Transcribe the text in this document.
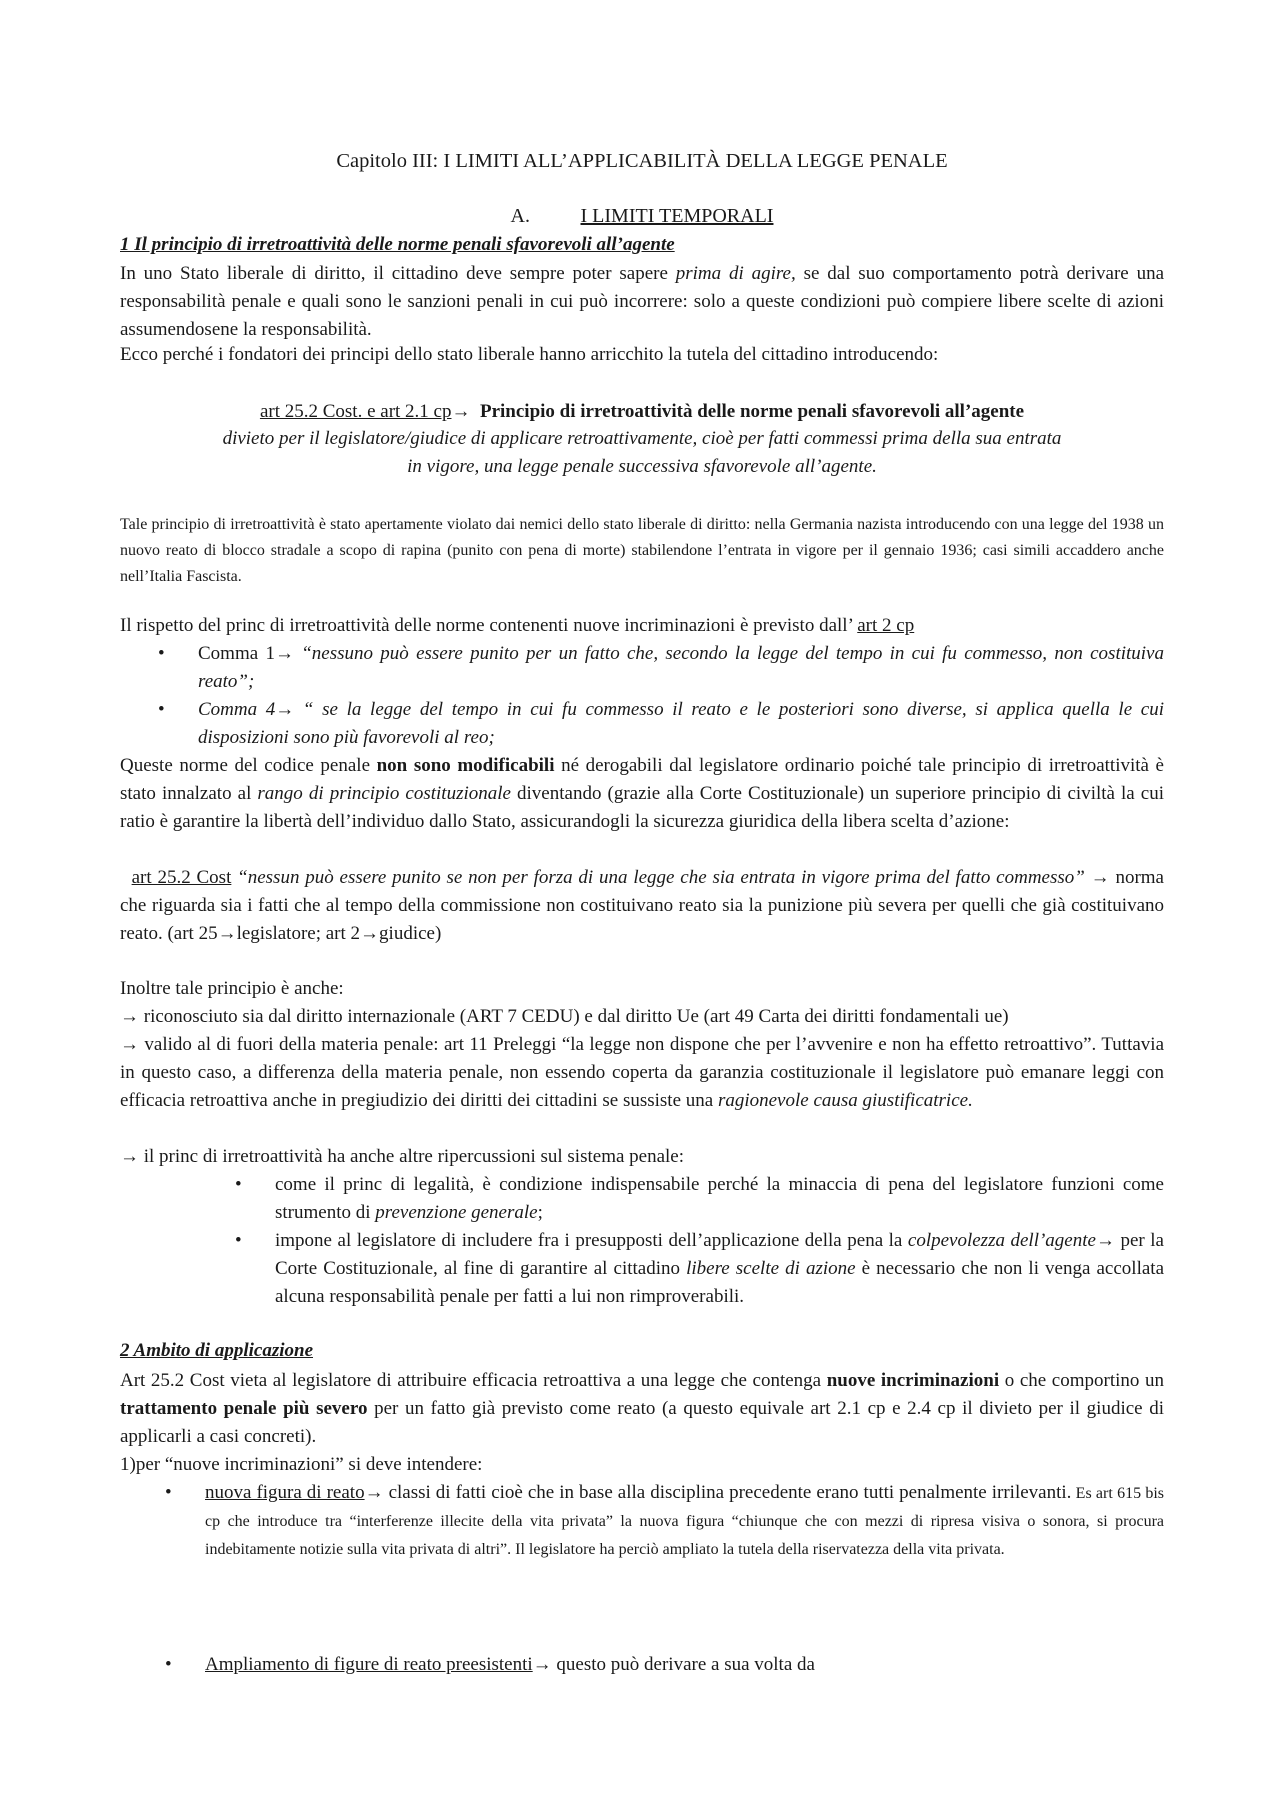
Capitolo III: I LIMITI ALL’APPLICABILITÀ DELLA LEGGE PENALE
A.	I LIMITI TEMPORALI
1 Il principio di irretroattività delle norme penali sfavorevoli all’agente

In uno Stato liberale di diritto, il cittadino deve sempre poter sapere prima di agire, se dal suo comportamento potrà derivare una responsabilità penale e quali sono le sanzioni penali in cui può incorrere: solo a queste condizioni può compiere libere scelte di azioni assumendosene la responsabilità.

Ecco perché i fondatori dei principi dello stato liberale hanno arricchito la tutela del cittadino introducendo:

art 25.2 Cost. e art 2.1 cp→ Principio di irretroattività delle norme penali sfavorevoli all’agente
divieto per il legislatore/giudice di applicare retroattivamente, cioè per fatti commessi prima della sua entrata
in vigore, una legge penale successiva sfavorevole all’agente.

Tale principio di irretroattività è stato apertamente violato dai nemici dello stato liberale di diritto: nella Germania nazista introducendo con una legge del 1938 un nuovo reato di blocco stradale a scopo di rapina (punito con pena di morte) stabilendone l’entrata in vigore per il gennaio 1936; casi simili accaddero anche nell’Italia Fascista.

Il rispetto del princ di irretroattività delle norme contenenti nuove incriminazioni è previsto dall’ art 2 cp

• Comma 1→ “nessuno può essere punito per un fatto che, secondo la legge del tempo in cui fu commesso, non costituiva reato”;
• Comma 4→ “ se la legge del tempo in cui fu commesso il reato e le posteriori sono diverse, si applica quella le cui disposizioni sono più favorevoli al reo;

Queste norme del codice penale non sono modificabili né derogabili dal legislatore ordinario poiché tale principio di irretroattività è stato innalzato al rango di principio costituzionale diventando (grazie alla Corte Costituzionale) un superiore principio di civiltà la cui ratio è garantire la libertà dell’individuo dallo Stato, assicurandogli la sicurezza giuridica della libera scelta d’azione:

art 25.2 Cost “nessun può essere punito se non per forza di una legge che sia entrata in vigore prima del fatto commesso” → norma che riguarda sia i fatti che al tempo della commissione non costituivano reato sia la punizione più severa per quelli che già costituivano reato. (art 25→legislatore; art 2→giudice)

Inoltre tale principio è anche:

→ riconosciuto sia dal diritto internazionale (ART 7 CEDU) e dal diritto Ue (art 49 Carta dei diritti fondamentali ue)

→ valido al di fuori della materia penale: art 11 Preleggi “la legge non dispone che per l’avvenire e non ha effetto retroattivo”. Tuttavia in questo caso, a differenza della materia penale, non essendo coperta da garanzia costituzionale il legislatore può emanare leggi con efficacia retroattiva anche in pregiudizio dei diritti dei cittadini se sussiste una ragionevole causa giustificatrice.

→ il princ di irretroattività ha anche altre ripercussioni sul sistema penale:

• come il princ di legalità, è condizione indispensabile perché la minaccia di pena del legislatore funzioni come strumento di prevenzione generale;
• impone al legislatore di includere fra i presupposti dell’applicazione della pena la colpevolezza dell’agente→ per la Corte Costituzionale, al fine di garantire al cittadino libere scelte di azione è necessario che non li venga accollata alcuna responsabilità penale per fatti a lui non rimproverabili.
2 Ambito di applicazione

Art 25.2 Cost vieta al legislatore di attribuire efficacia retroattiva a una legge che contenga nuove incriminazioni o che comportino un trattamento penale più severo per un fatto già previsto come reato (a questo equivale art 2.1 cp e 2.4 cp il divieto per il giudice di applicarli a casi concreti).

1)per “nuove incriminazioni” si deve intendere:

• nuova figura di reato→ classi di fatti cioè che in base alla disciplina precedente erano tutti penalmente irrilevanti. Es art 615 bis cp che introduce tra “interferenze illecite della vita privata” la nuova figura “chiunque che con mezzi di ripresa visiva o sonora, si procura indebitamente notizie sulla vita privata di altri”. Il legislatore ha perciò ampliato la tutela della riservatezza della vita privata.
• Ampliamento di figure di reato preesistenti→ questo può derivare a sua volta da
